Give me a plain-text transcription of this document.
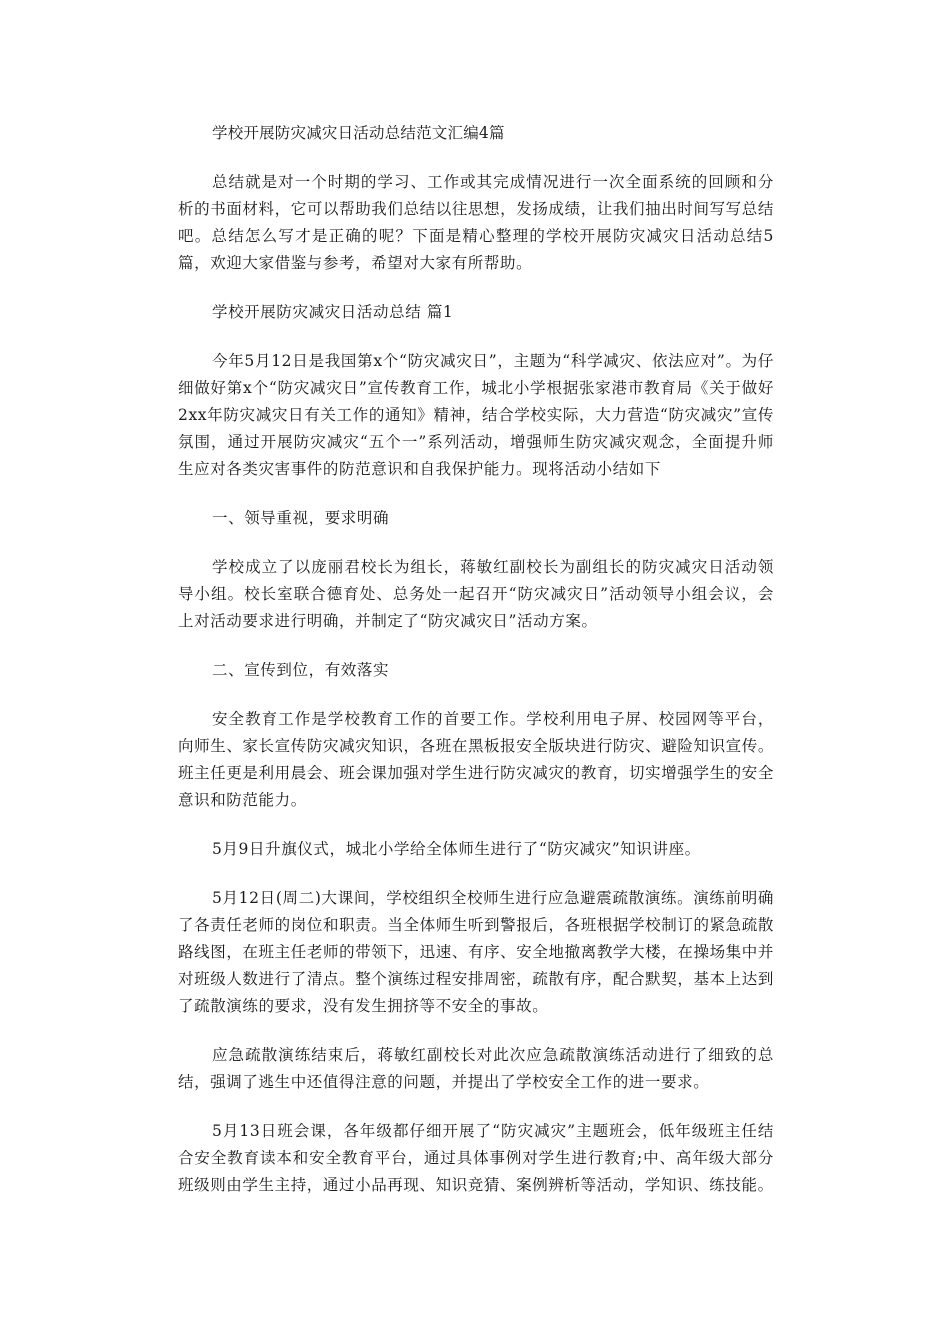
学校开展防灾减灾日活动总结范文汇编4篇

总结就是对一个时期的学习、工作或其完成情况进行一次全面系统的回顾和分析的书面材料，它可以帮助我们总结以往思想，发扬成绩，让我们抽出时间写写总结吧。总结怎么写才是正确的呢？下面是精心整理的学校开展防灾减灾日活动总结5篇，欢迎大家借鉴与参考，希望对大家有所帮助。

学校开展防灾减灾日活动总结 篇1

今年5月12日是我国第x个“防灾减灾日”，主题为“科学减灾、依法应对”。为仔细做好第x个“防灾减灾日”宣传教育工作，城北小学根据张家港市教育局《关于做好2xx年防灾减灾日有关工作的通知》精神，结合学校实际，大力营造“防灾减灾”宣传氛围，通过开展防灾减灾“五个一”系列活动，增强师生防灾减灾观念，全面提升师生应对各类灾害事件的防范意识和自我保护能力。现将活动小结如下

一、领导重视，要求明确

学校成立了以庞丽君校长为组长，蒋敏红副校长为副组长的防灾减灾日活动领导小组。校长室联合德育处、总务处一起召开“防灾减灾日”活动领导小组会议，会上对活动要求进行明确，并制定了“防灾减灾日”活动方案。

二、宣传到位，有效落实

安全教育工作是学校教育工作的首要工作。学校利用电子屏、校园网等平台，向师生、家长宣传防灾减灾知识，各班在黑板报安全版块进行防灾、避险知识宣传。班主任更是利用晨会、班会课加强对学生进行防灾减灾的教育，切实增强学生的安全意识和防范能力。

5月9日升旗仪式，城北小学给全体师生进行了“防灾减灾”知识讲座。

5月12日(周二)大课间，学校组织全校师生进行应急避震疏散演练。演练前明确了各责任老师的岗位和职责。当全体师生听到警报后，各班根据学校制订的紧急疏散路线图，在班主任老师的带领下，迅速、有序、安全地撤离教学大楼，在操场集中并对班级人数进行了清点。整个演练过程安排周密，疏散有序，配合默契，基本上达到了疏散演练的要求，没有发生拥挤等不安全的事故。

应急疏散演练结束后，蒋敏红副校长对此次应急疏散演练活动进行了细致的总结，强调了逃生中还值得注意的问题，并提出了学校安全工作的进一要求。

5月13日班会课，各年级都仔细开展了“防灾减灾”主题班会，低年级班主任结合安全教育读本和安全教育平台，通过具体事例对学生进行教育;中、高年级大部分班级则由学生主持，通过小品再现、知识竞猜、案例辨析等活动，学知识、练技能。
